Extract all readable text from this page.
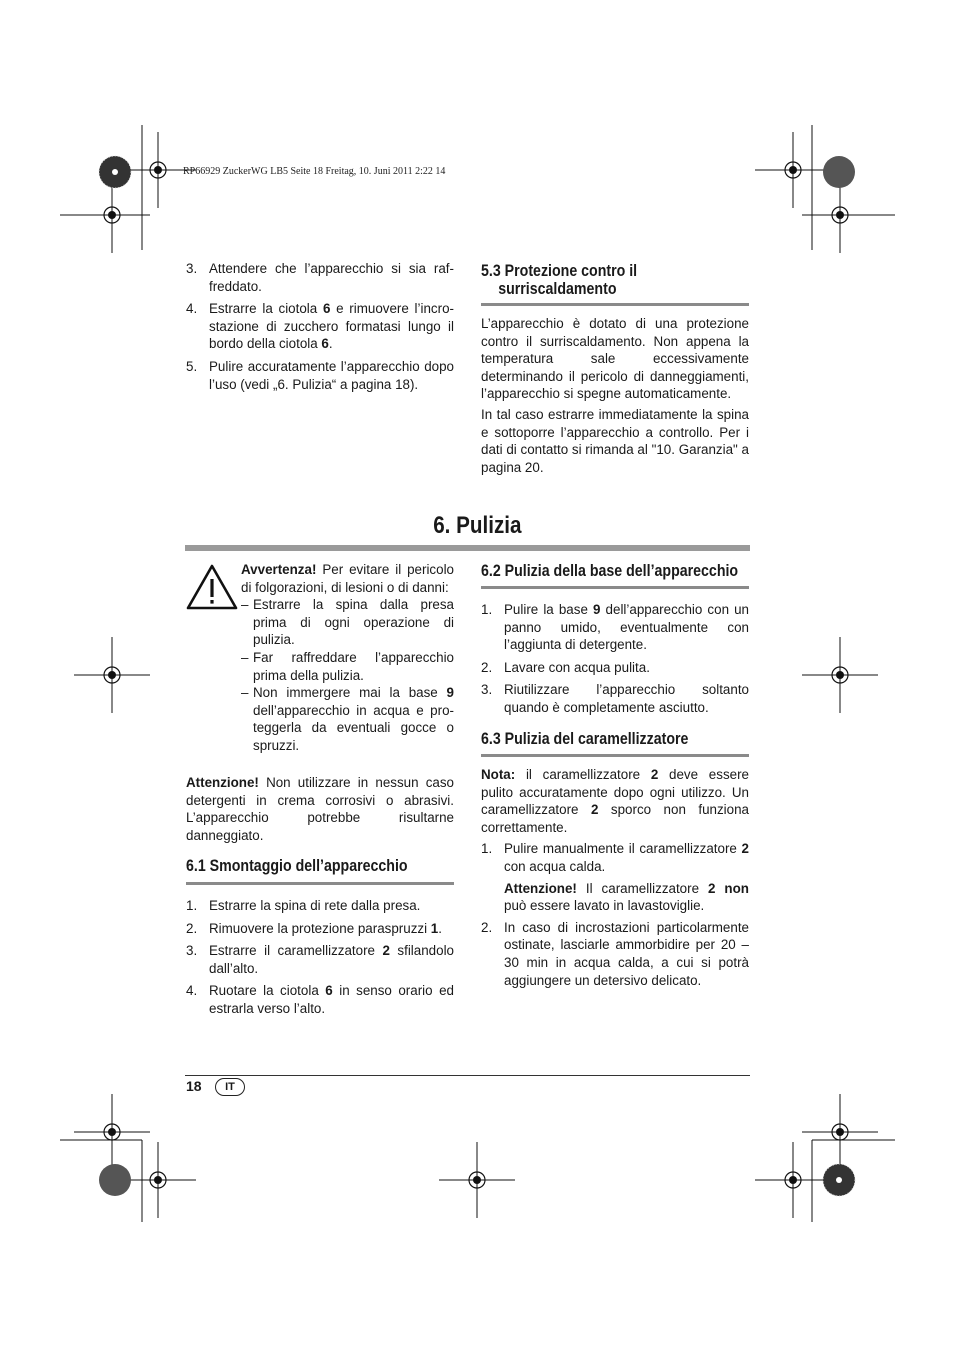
RP66929 ZuckerWG LB5 Seite 18 Freitag, 10. Juni 2011 2:22 14
3. Attendere che l’apparecchio si sia raffreddato.
4. Estrarre la ciotola 6 e rimuovere l’incrostazione di zucchero formatasi lungo il bordo della ciotola 6.
5. Pulire accuratamente l’apparecchio dopo l’uso (vedi „6. Pulizia“ a pagina 18).
5.3 Protezione contro il
surriscaldamento

L’apparecchio è dotato di una protezione contro il surriscaldamento. Non appena la temperatura sale eccessivamente determinando il pericolo di danneggiamenti, l’apparecchio si spegne automaticamente.

In tal caso estrarre immediatamente la spina e sottoporre l’apparecchio a controllo. Per i dati di contatto si rimanda al "10. Garanzia" a pagina 20.

6. Pulizia

Avvertenza! Per evitare il pericolo di folgorazioni, di lesioni o di danni:

– Estrarre la spina dalla presa prima di ogni operazione di pulizia.
– Far raffreddare l’apparecchio prima della pulizia.
– Non immergere mai la base 9 dell’apparecchio in acqua e proteggerla da eventuali gocce o spruzzi.

Attenzione! Non utilizzare in nessun caso detergenti in crema corrosivi o abrasivi. L’apparecchio potrebbe risultarne danneggiato.

6.1 Smontaggio dell’apparecchio
1. Estrarre la spina di rete dalla presa.
2. Rimuovere la protezione paraspruzzi 1.
3. Estrarre il caramellizzatore 2 sfilandolo dall’alto.
4. Ruotare la ciotola 6 in senso orario ed estrarla verso l’alto.
6.2 Pulizia della base dell’apparecchio
1. Pulire la base 9 dell’apparecchio con un panno umido, eventualmente con l’aggiunta di detergente.
2. Lavare con acqua pulita.
3. Riutilizzare l’apparecchio soltanto quando è completamente asciutto.
6.3 Pulizia del caramellizzatore

Nota: il caramellizzatore 2 deve essere pulito accuratamente dopo ogni utilizzo. Un caramellizzatore 2 sporco non funziona correttamente.

1. Pulire manualmente il caramellizzatore 2 con acqua calda.

Attenzione! Il caramellizzatore 2 non può essere lavato in lavastoviglie.

2. In caso di incrostazioni particolarmente ostinate, lasciarle ammorbidire per 20 – 30 min in acqua calda, a cui si potrà aggiungere un detersivo delicato.
18	IT
